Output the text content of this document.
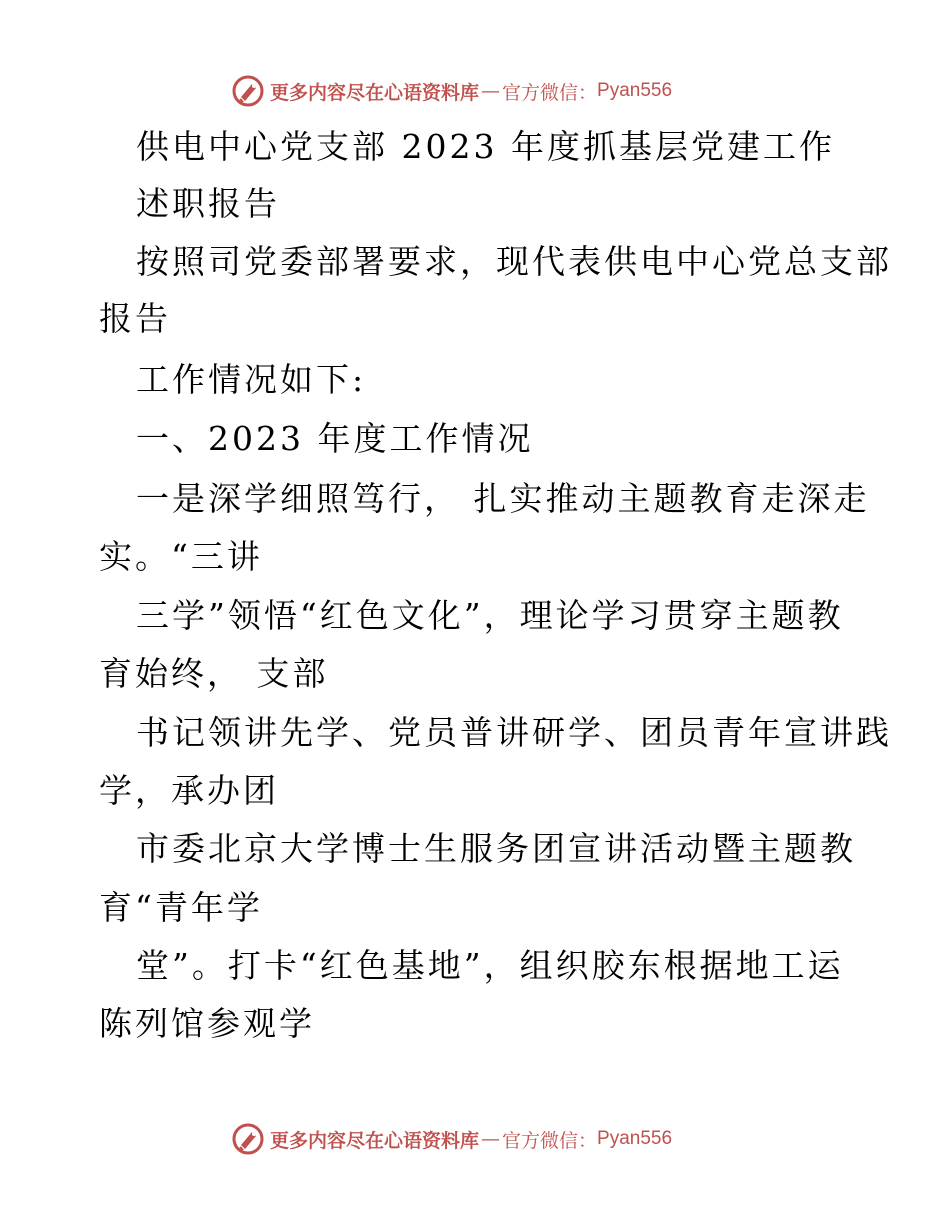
更多内容尽在心语资料库 — 官方微信： Pyan556
供电中心党支部 2023 年度抓基层党建工作
述职报告
按照司党委部署要求，现代表供电中心党总支部
报告
工作情况如下:
一、2023 年度工作情况
一是深学细照笃行， 扎实推动主题教育走深走
实。“三讲
三学”领悟“红色文化”，理论学习贯穿主题教
育始终， 支部
书记领讲先学、党员普讲研学、团员青年宣讲践
学，承办团
市委北京大学博士生服务团宣讲活动暨主题教
育“青年学
堂”。打卡“红色基地”，组织胶东根据地工运
陈列馆参观学
更多内容尽在心语资料库 — 官方微信： Pyan556
